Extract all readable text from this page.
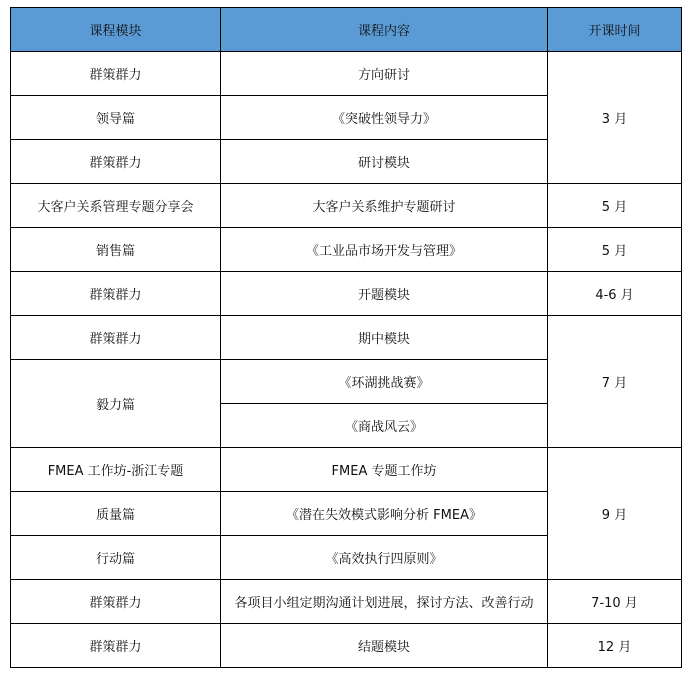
课程模块	课程内容	开课时间
群策群力	方向研讨	3 月
领导篇	《突破性领导力》	
群策群力	研讨模块	
大客户关系管理专题分享会	大客户关系维护专题研讨	5 月
销售篇	《工业品市场开发与管理》	5 月
群策群力	开题模块	4-6 月
群策群力	期中模块	7 月
毅力篇	《环湖挑战赛》	
	《商战风云》	
FMEA 工作坊-浙江专题	FMEA 专题工作坊	9 月
质量篇	《潜在失效模式影响分析 FMEA》	
行动篇	《高效执行四原则》	
群策群力	各项目小组定期沟通计划进展，探讨方法、改善行动	7-10 月
群策群力	结题模块	12 月
